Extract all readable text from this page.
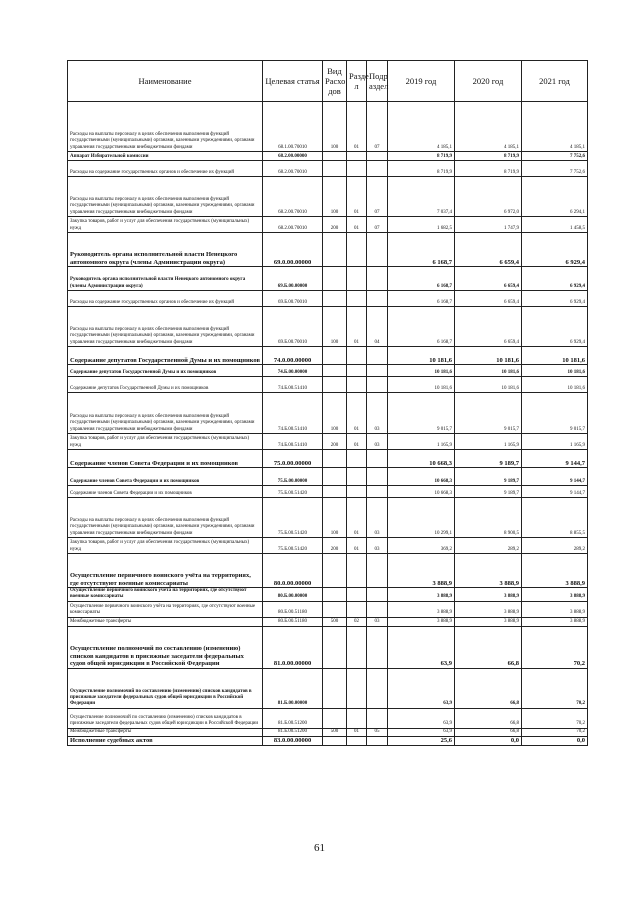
Наименование	Целевая статья	Вид Расхо дов	Разде л	Подр аздел	2019 год	2020 год	2021 год
Расходы на выплаты персоналу в целях обеспечения выполнения функций государственными (муниципальными) органами, казенными учреждениями, органами управления государственными внебюджетными фондами	68.1.00.70010	100	01	07	4 185,1	4 185,1	4 185,1
Аппарат Избирательной комиссии	68.2.00.00000				8 719,9	8 719,9	7 752,6
Расходы на содержание государственных органов и обеспечение их функций	68.2.00.70010				8 719,9	8 719,9	7 752,6
Расходы на выплаты персоналу в целях обеспечения выполнения функций государственными (муниципальными) органами, казенными учреждениями, органами управления государственными внебюджетными фондами	68.2.00.70010	100	01	07	7 037,4	6 972,0	6 294,1
Закупка товаров, работ и услуг для обеспечения государственных (муниципальных) нужд	68.2.00.70010	200	01	07	1 682,5	1 747,9	1 458,5
Руководитель органа исполнительной власти Ненецкого автономного округа (члены Администрации округа)	69.0.00.00000				6 168,7	6 659,4	6 929,4
Руководитель органа исполнительной власти Ненецкого автономного округа (члены Администрации округа)	69.Б.00.00000				6 168,7	6 659,4	6 929,4
Расходы на содержание государственных органов и обеспечение их функций	69.Б.00.70010				6 168,7	6 659,4	6 929,4
Расходы на выплаты персоналу в целях обеспечения выполнения функций государственными (муниципальными) органами, казенными учреждениями, органами управления государственными внебюджетными фондами	69.Б.00.70010	100	01	04	6 168,7	6 659,4	6 929,4
Содержание депутатов Государственной Думы и их помощников	74.0.00.00000				10 181,6	10 181,6	10 181,6
Содержание депутатов Государственной Думы и их помощников	74.Б.00.00000				10 181,6	10 181,6	10 181,6
Содержание депутатов Государственной Думы и их помощников	74.Б.00.51410				10 181,6	10 181,6	10 181,6
Расходы на выплаты персоналу в целях обеспечения выполнения функций государственными (муниципальными) органами, казенными учреждениями, органами управления государственными внебюджетными фондами	74.Б.00.51410	100	01	03	9 015,7	9 015,7	9 015,7
Закупка товаров, работ и услуг для обеспечения государственных (муниципальных) нужд	74.Б.00.51410	200	01	03	1 165,9	1 165,9	1 165,9
Содержание членов Совета Федерации и их помощников	75.0.00.00000				10 668,3	9 189,7	9 144,7
Содержание членов Совета Федерации и их помощников	75.Б.00.00000				10 668,3	9 189,7	9 144,7
Содержание членов Совета Федерации и их помощников	75.Б.00.51420				10 668,3	9 189,7	9 144,7
Расходы на выплаты персоналу в целях обеспечения выполнения функций государственными (муниципальными) органами, казенными учреждениями, органами управления государственными внебюджетными фондами	75.Б.00.51420	100	01	03	10 299,1	8 900,5	8 855,5
Закупка товаров, работ и услуг для обеспечения государственных (муниципальных) нужд	75.Б.00.51420	200	01	03	369,2	289,2	289,2
Осуществление первичного воинского учёта на территориях, где отсутствуют военные комиссариаты	80.0.00.00000				3 888,9	3 888,9	3 888,9
Осуществление первичного воинского учёта на территориях, где отсутствуют военные комиссариаты	80.Б.00.00000				3 888,9	3 888,9	3 888,9
Осуществление первичного воинского учёта на территориях, где отсутствуют военные комиссариаты	80.Б.00.51180				3 888,9	3 888,9	3 888,9
Межбюджетные трансферты	80.Б.00.51180	500	02	03	3 888,9	3 888,9	3 888,9
Осуществление полномочий по составлению (изменению) списков кандидатов в присяжные заседатели федеральных судов общей юрисдикции в Российской Федерации	81.0.00.00000				63,9	66,8	70,2
Осуществление полномочий по составлению (изменению) списков кандидатов в присяжные заседатели федеральных судов общей юрисдикции в Российской Федерации	81.Б.00.00000				63,9	66,8	70,2
Осуществление полномочий по составлению (изменению) списков кандидатов в присяжные заседатели федеральных судов общей юрисдикции в Российской Федерации	81.Б.00.51200				63,9	66,8	70,2
Межбюджетные трансферты	81.Б.00.51200	500	01	05	63,9	66,8	70,2
Исполнение судебных актов	83.0.00.00000				25,6	0,0	0,0
61
